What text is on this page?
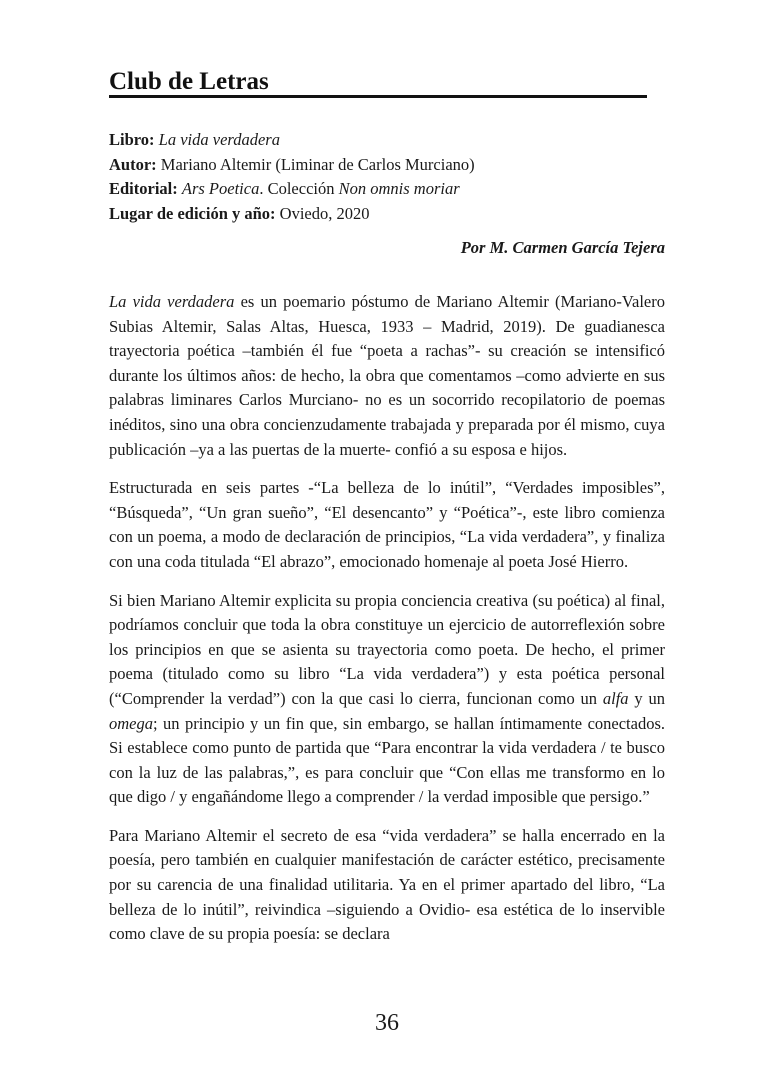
Club de Letras
Libro: La vida verdadera
Autor: Mariano Altemir (Liminar de Carlos Murciano)
Editorial: Ars Poetica. Colección Non omnis moriar
Lugar de edición y año: Oviedo, 2020
Por M. Carmen García Tejera

La vida verdadera es un poemario póstumo de Mariano Altemir (Mariano-Valero Subias Altemir, Salas Altas, Huesca, 1933 – Madrid, 2019). De guadianesca trayectoria poética –también él fue “poeta a rachas”- su creación se intensificó durante los últimos años: de hecho, la obra que comentamos –como advierte en sus palabras liminares Carlos Murciano- no es un socorrido recopilatorio de poemas inéditos, sino una obra concienzudamente trabajada y preparada por él mismo, cuya publicación –ya a las puertas de la muerte- confió a su esposa e hijos.

Estructurada en seis partes -“La belleza de lo inútil”, “Verdades imposibles”, “Búsqueda”, “Un gran sueño”, “El desencanto” y “Poética”-, este libro comienza con un poema, a modo de declaración de principios, “La vida verdadera”, y finaliza con una coda titulada “El abrazo”, emocionado homenaje al poeta José Hierro.

Si bien Mariano Altemir explicita su propia conciencia creativa (su poética) al final, podríamos concluir que toda la obra constituye un ejercicio de autorreflexión sobre los principios en que se asienta su trayectoria como poeta. De hecho, el primer poema (titulado como su libro “La vida verdadera”) y esta poética personal (“Comprender la verdad”) con la que casi lo cierra, funcionan como un alfa y un omega; un principio y un fin que, sin embargo, se hallan íntimamente conectados. Si establece como punto de partida que “Para encontrar la vida verdadera / te busco con la luz de las palabras,”, es para concluir que “Con ellas me transformo en lo que digo / y engañándome llego a comprender / la verdad imposible que persigo.”

Para Mariano Altemir el secreto de esa “vida verdadera” se halla encerrado en la poesía, pero también en cualquier manifestación de carácter estético, precisamente por su carencia de una finalidad utilitaria. Ya en el primer apartado del libro, “La belleza de lo inútil”, reivindica –siguiendo a Ovidio- esa estética de lo inservible como clave de su propia poesía: se declara

36
